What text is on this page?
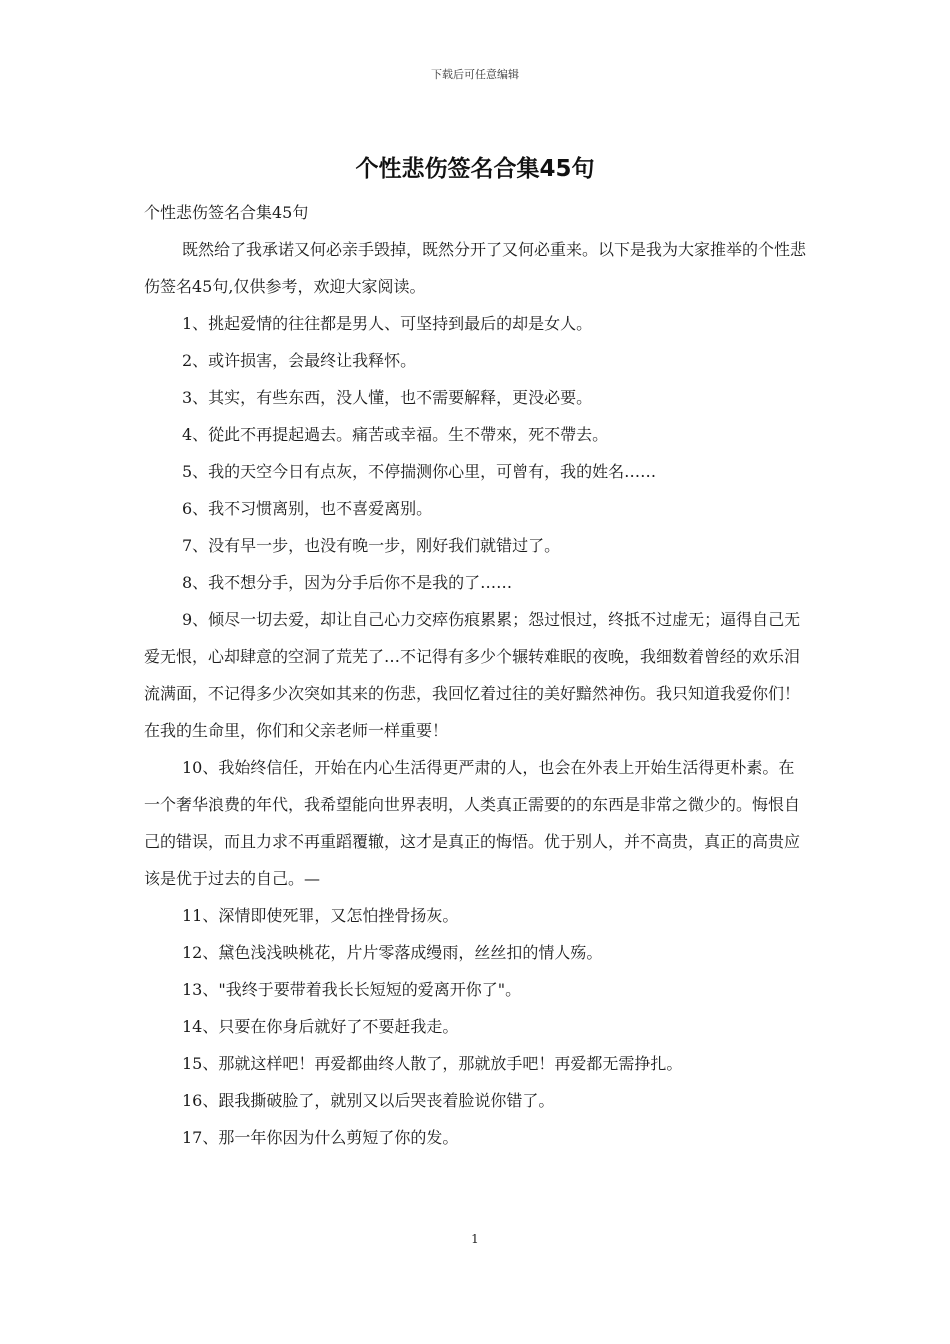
下载后可任意编辑
个性悲伤签名合集45句

个性悲伤签名合集45句

既然给了我承诺又何必亲手毁掉，既然分开了又何必重来。以下是我为大家推举的个性悲伤签名45句,仅供参考，欢迎大家阅读。

1、挑起爱情的往往都是男人、可坚持到最后的却是女人。

2、或许损害，会最终让我释怀。

3、其实，有些东西，没人懂，也不需要解释，更没必要。

4、從此不再提起過去。痛苦或幸福。生不帶來，死不帶去。

5、我的天空今日有点灰，不停揣测你心里，可曾有，我的姓名……

6、我不习惯离别，也不喜爱离别。

7、没有早一步，也没有晚一步，刚好我们就错过了。

8、我不想分手，因为分手后你不是我的了……

9、倾尽一切去爱，却让自己心力交瘁伤痕累累；怨过恨过，终抵不过虚无；逼得自己无爱无恨，心却肆意的空洞了荒芜了…不记得有多少个辗转难眠的夜晚，我细数着曾经的欢乐泪流满面，不记得多少次突如其来的伤悲，我回忆着过往的美好黯然神伤。我只知道我爱你们！在我的生命里，你们和父亲老师一样重要！

10、我始终信任，开始在内心生活得更严肃的人，也会在外表上开始生活得更朴素。在一个奢华浪费的年代，我希望能向世界表明，人类真正需要的的东西是非常之微少的。悔恨自己的错误，而且力求不再重蹈覆辙，这才是真正的悔悟。优于别人，并不高贵，真正的高贵应该是优于过去的自己。—

11、深情即使死罪，又怎怕挫骨扬灰。

12、黛色浅浅映桃花，片片零落成缦雨，丝丝扣的情人殇。

13、"我终于要带着我长长短短的爱离开你了"。

14、只要在你身后就好了不要赶我走。

15、那就这样吧！再爱都曲终人散了，那就放手吧！再爱都无需挣扎。

16、跟我撕破脸了，就别又以后哭丧着脸说你错了。

17、那一年你因为什么剪短了你的发。

1
